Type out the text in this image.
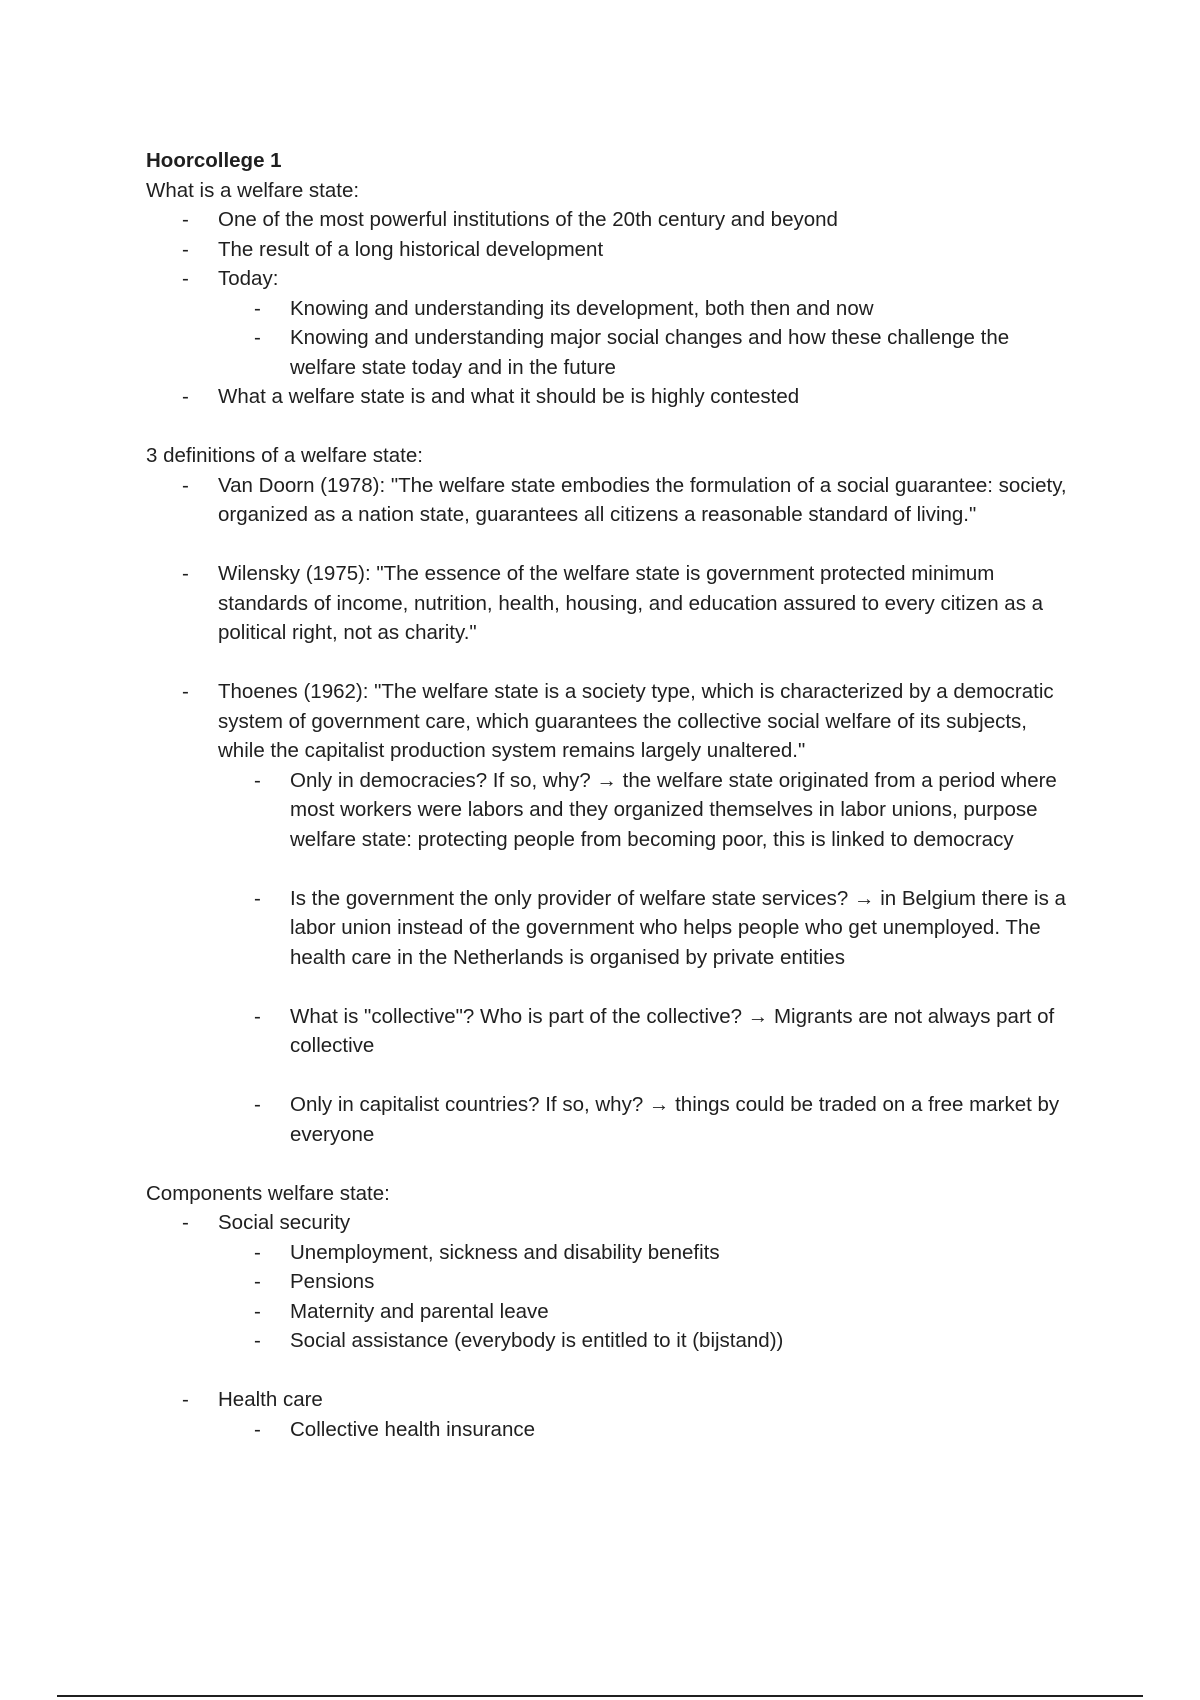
Hoorcollege 1

What is a welfare state:

-	One of the most powerful institutions of the 20th century and beyond
-	The result of a long historical development
-	Today:
-	Knowing and understanding its development, both then and now
-	Knowing and understanding major social changes and how these challenge the welfare state today and in the future
-	What a welfare state is and what it should be is highly contested

3 definitions of a welfare state:

-	Van Doorn (1978): "The welfare state embodies the formulation of a social guarantee: society, organized as a nation state, guarantees all citizens a reasonable standard of living."
-	Wilensky (1975): "The essence of the welfare state is government protected minimum standards of income, nutrition, health, housing, and education assured to every citizen as a political right, not as charity."
-	Thoenes (1962): "The welfare state is a society type, which is characterized by a democratic system of government care, which guarantees the collective social welfare of its subjects, while the capitalist production system remains largely unaltered."
-	Only in democracies? If so, why? → the welfare state originated from a period where most workers were labors and they organized themselves in labor unions, purpose welfare state: protecting people from becoming poor, this is linked to democracy
-	Is the government the only provider of welfare state services? → in Belgium there is a labor union instead of the government who helps people who get unemployed. The health care in the Netherlands is organised by private entities
-	What is "collective"? Who is part of the collective? → Migrants are not always part of collective
-	Only in capitalist countries? If so, why? → things could be traded on a free market by everyone

Components welfare state:

-	Social security
-	Unemployment, sickness and disability benefits
-	Pensions
-	Maternity and parental leave
-	Social assistance (everybody is entitled to it (bijstand))
-	Health care
-	Collective health insurance
